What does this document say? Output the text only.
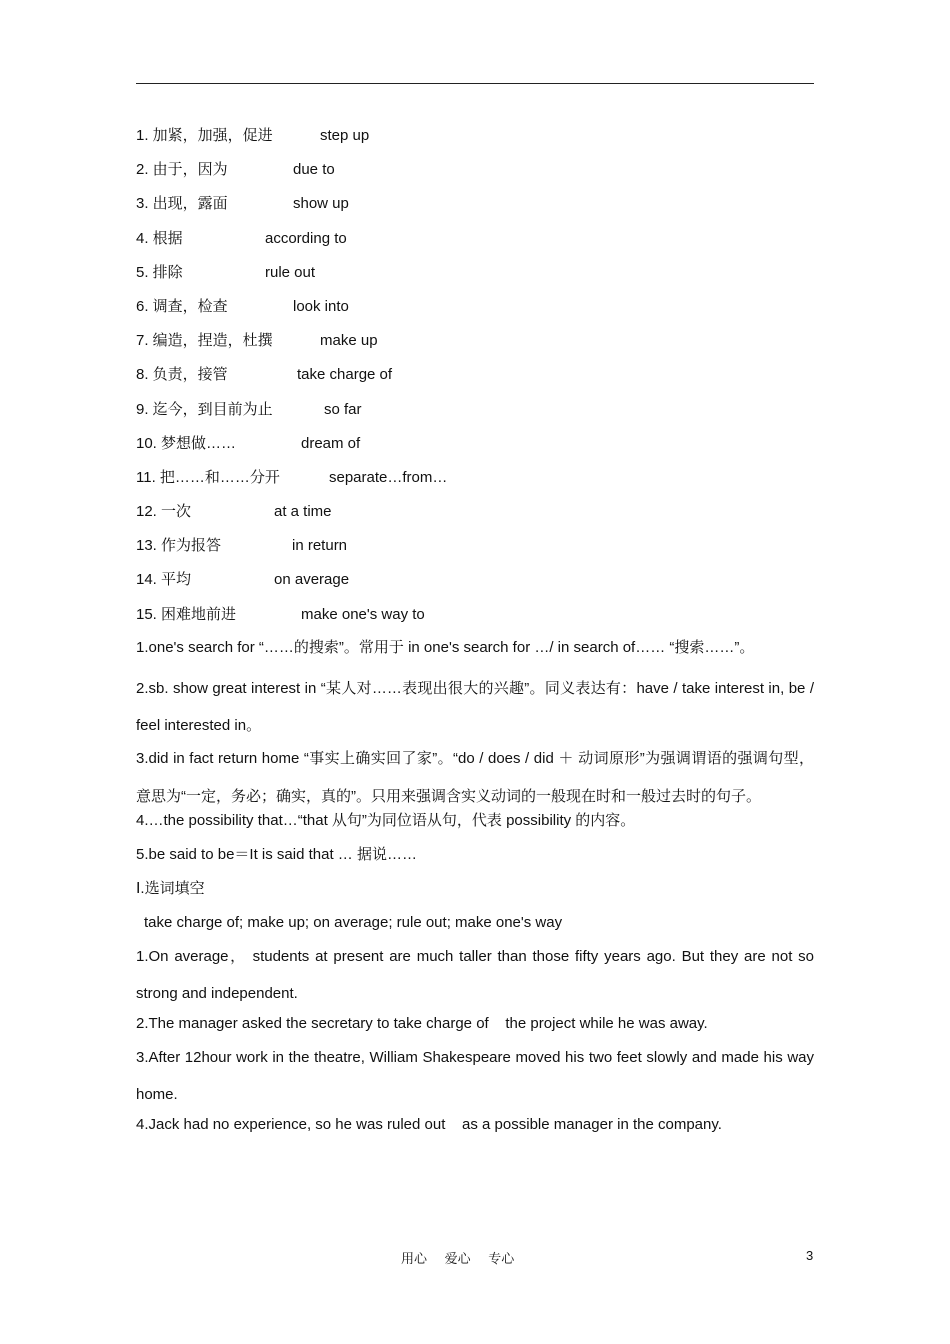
1. 加紧，加强，促进	step up
2. 由于，因为	due to
3. 出现，露面	show up
4. 根据	according to
5. 排除	rule out
6. 调查，检查	look into
7. 编造，捏造，杜撰	make up
8. 负责，接管	take charge of
9. 迄今，到目前为止	so far
10. 梦想做……	dream of
11. 把……和……分开	separate…from…
12. 一次	at a time
13. 作为报答	in return
14. 平均	on average
15. 困难地前进	make one's way to

1.one's search for “……的搜索”。常用于 in one's search for …/ in search of…… “搜索……”。

2.sb. show great interest in “某人对……表现出很大的兴趣”。同义表达有：have / take interest in, be / feel interested in。

3.did in fact return home “事实上确实回了家”。“do / does / did ＋ 动词原形”为强调谓语的强调句型，意思为“一定，务必；确实，真的”。只用来强调含实义动词的一般现在时和一般过去时的句子。

4.…the possibility that…“that 从句”为同位语从句，代表 possibility 的内容。

5.be said to be＝It is said that … 据说……

Ⅰ.选词填空

take charge of; make up; on average; rule out; make one's way

1.On average， students at present are much taller than those fifty years ago. But they are not so strong and independent.

2.The manager asked the secretary to take charge of    the project while he was away.

3.After 12hour work in the theatre, William Shakespeare moved his two feet slowly and made his way home.

4.Jack had no experience, so he was ruled out    as a possible manager in the company.

用心 爱心 专心	3
